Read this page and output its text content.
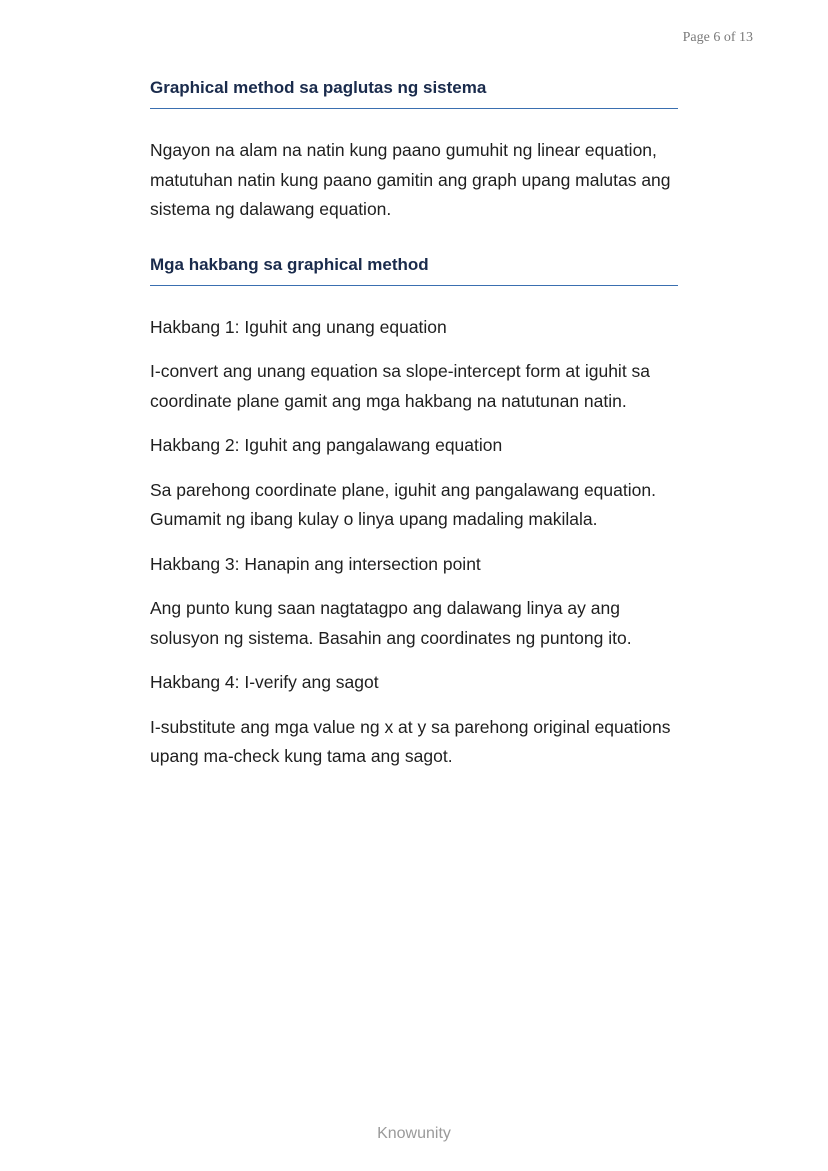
Page 6 of 13
Graphical method sa paglutas ng sistema

Ngayon na alam na natin kung paano gumuhit ng linear equation, matutuhan natin kung paano gamitin ang graph upang malutas ang sistema ng dalawang equation.

Mga hakbang sa graphical method

Hakbang 1: Iguhit ang unang equation

I-convert ang unang equation sa slope-intercept form at iguhit sa coordinate plane gamit ang mga hakbang na natutunan natin.

Hakbang 2: Iguhit ang pangalawang equation

Sa parehong coordinate plane, iguhit ang pangalawang equation. Gumamit ng ibang kulay o linya upang madaling makilala.

Hakbang 3: Hanapin ang intersection point

Ang punto kung saan nagtatagpo ang dalawang linya ay ang solusyon ng sistema. Basahin ang coordinates ng puntong ito.

Hakbang 4: I-verify ang sagot

I-substitute ang mga value ng x at y sa parehong original equations upang ma-check kung tama ang sagot.

Knowunity
